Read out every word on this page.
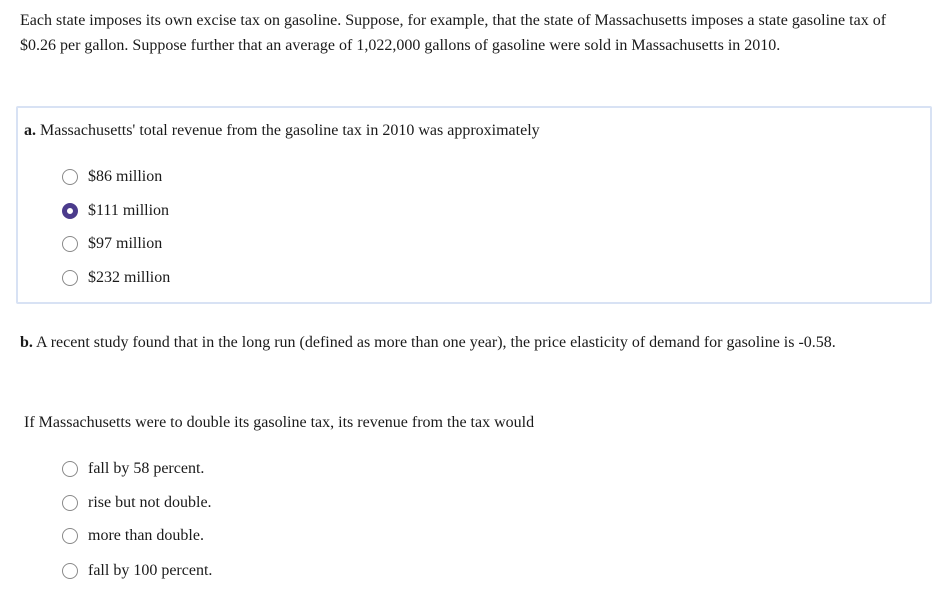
Each state imposes its own excise tax on gasoline. Suppose, for example, that the state of Massachusetts imposes a state gasoline tax of $0.26 per gallon. Suppose further that an average of 1,022,000 gallons of gasoline were sold in Massachusetts in 2010.
a. Massachusetts' total revenue from the gasoline tax in 2010 was approximately
$86 million
$111 million
$97 million
$232 million
b. A recent study found that in the long run (defined as more than one year), the price elasticity of demand for gasoline is -0.58.
If Massachusetts were to double its gasoline tax, its revenue from the tax would
fall by 58 percent.
rise but not double.
more than double.
fall by 100 percent.
